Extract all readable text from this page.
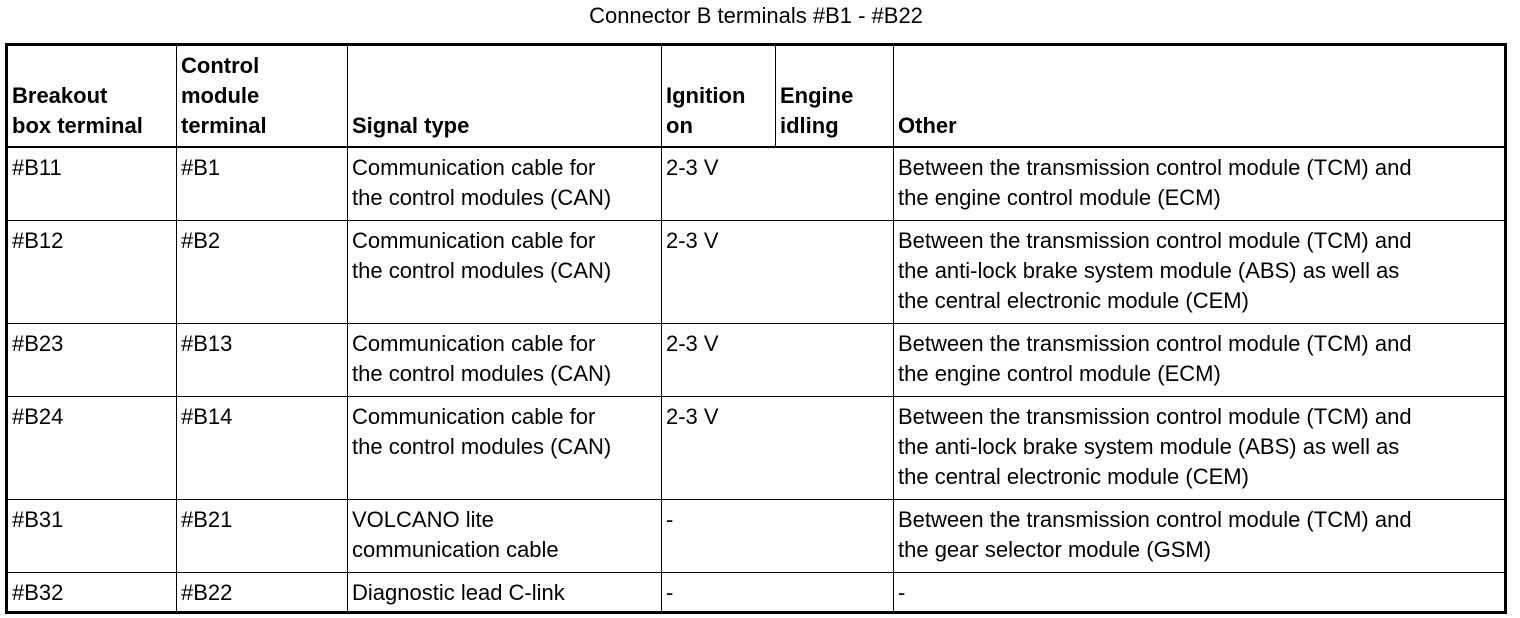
Connector B terminals #B1 - #B22
Breakout
box terminal	Control
module
terminal	Signal type	Ignition
on	Engine
idling	Other
#B11	#B1	Communication cable for
the control modules (CAN)	2-3 V		Between the transmission control module (TCM) and
the engine control module (ECM)
#B12	#B2	Communication cable for
the control modules (CAN)	2-3 V		Between the transmission control module (TCM) and
the anti-lock brake system module (ABS) as well as
the central electronic module (CEM)
#B23	#B13	Communication cable for
the control modules (CAN)	2-3 V		Between the transmission control module (TCM) and
the engine control module (ECM)
#B24	#B14	Communication cable for
the control modules (CAN)	2-3 V		Between the transmission control module (TCM) and
the anti-lock brake system module (ABS) as well as
the central electronic module (CEM)
#B31	#B21	VOLCANO lite
communication cable	-		Between the transmission control module (TCM) and
the gear selector module (GSM)
#B32	#B22	Diagnostic lead C-link	-		-
